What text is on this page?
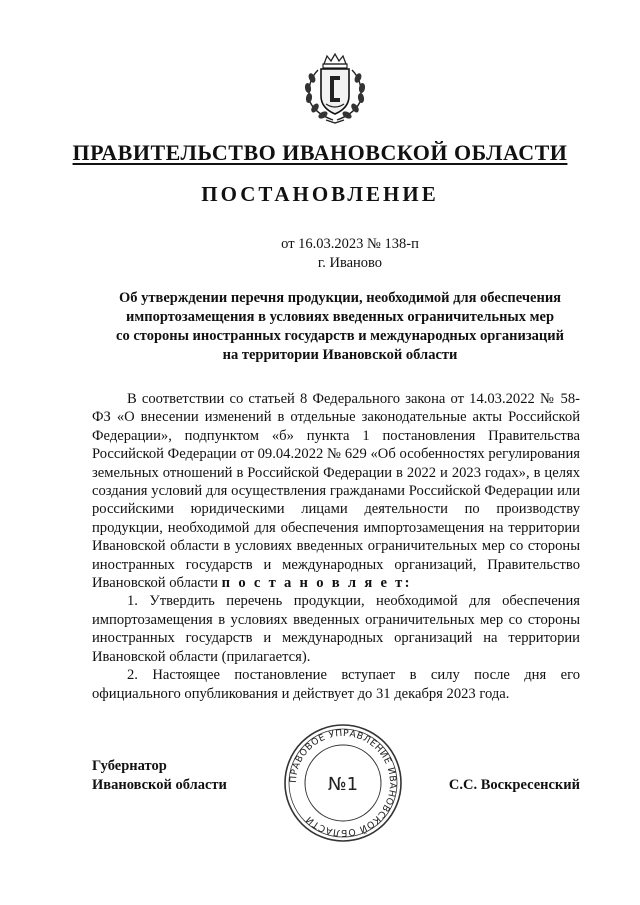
ПРАВИТЕЛЬСТВО ИВАНОВСКОЙ ОБЛАСТИ
ПОСТАНОВЛЕНИЕ
от 16.03.2023 № 138-п
г. Иваново
Об утверждении перечня продукции, необходимой для обеспечения
импортозамещения в условиях введенных ограничительных мер
со стороны иностранных государств и международных организаций
на территории Ивановской области

В соответствии со статьей 8 Федерального закона от 14.03.2022 № 58-ФЗ «О внесении изменений в отдельные законодательные акты Российской Федерации», подпунктом «б» пункта 1 постановления Правительства Российской Федерации от 09.04.2022 № 629 «Об особенностях регулирования земельных отношений в Российской Федерации в 2022 и 2023 годах», в целях создания условий для осуществления гражданами Российской Федерации или российскими юридическими лицами деятельности по производству продукции, необходимой для обеспечения импортозамещения на территории Ивановской области в условиях введенных ограничительных мер со стороны иностранных государств и международных организаций, Правительство Ивановской области п о с т а н о в л я е т:

1. Утвердить перечень продукции, необходимой для обеспечения импортозамещения в условиях введенных ограничительных мер со стороны иностранных государств и международных организаций на территории Ивановской области (прилагается).

2. Настоящее постановление вступает в силу после дня его официального опубликования и действует до 31 декабря 2023 года.

Губернатор
Ивановской области	ПРАВОВОЕ УПРАВЛЕНИЕ ИВАНОВСКОЙ ОБЛАСТИ
№1	С.С. Воскресенский
